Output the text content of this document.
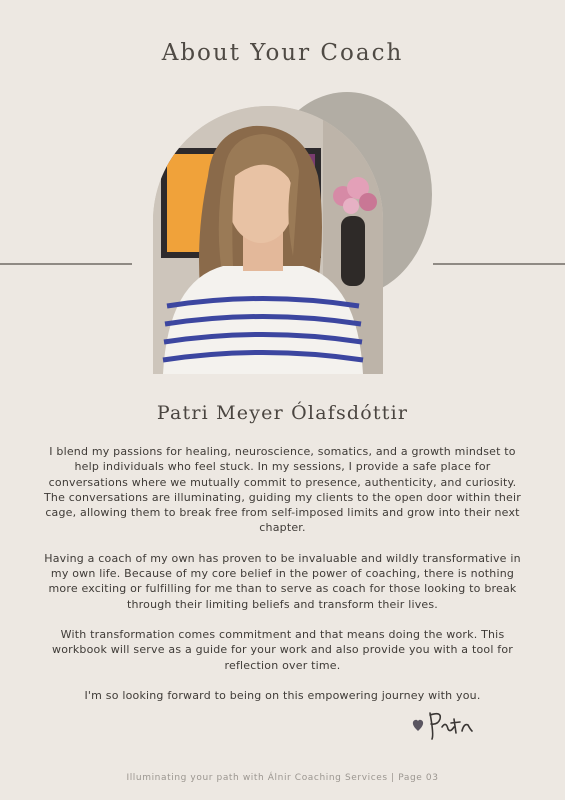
About Your Coach
Patri Meyer Ólafsdóttir

I blend my passions for healing, neuroscience, somatics, and a growth mindset to help individuals who feel stuck. In my sessions, I provide a safe place for conversations where we mutually commit to presence, authenticity, and curiosity. The conversations are illuminating, guiding my clients to the open door within their cage, allowing them to break free from self-imposed limits and grow into their next chapter.

Having a coach of my own has proven to be invaluable and wildly transformative in my own life. Because of my core belief in the power of coaching, there is nothing more exciting or fulfilling for me than to serve as coach for those looking to break through their limiting beliefs and transform their lives.

With transformation comes commitment and that means doing the work. This workbook will serve as a guide for your work and also provide you with a tool for reflection over time.

I'm so looking forward to being on this empowering journey with you.

Illuminating your path with Álnir Coaching Services | Page 03
